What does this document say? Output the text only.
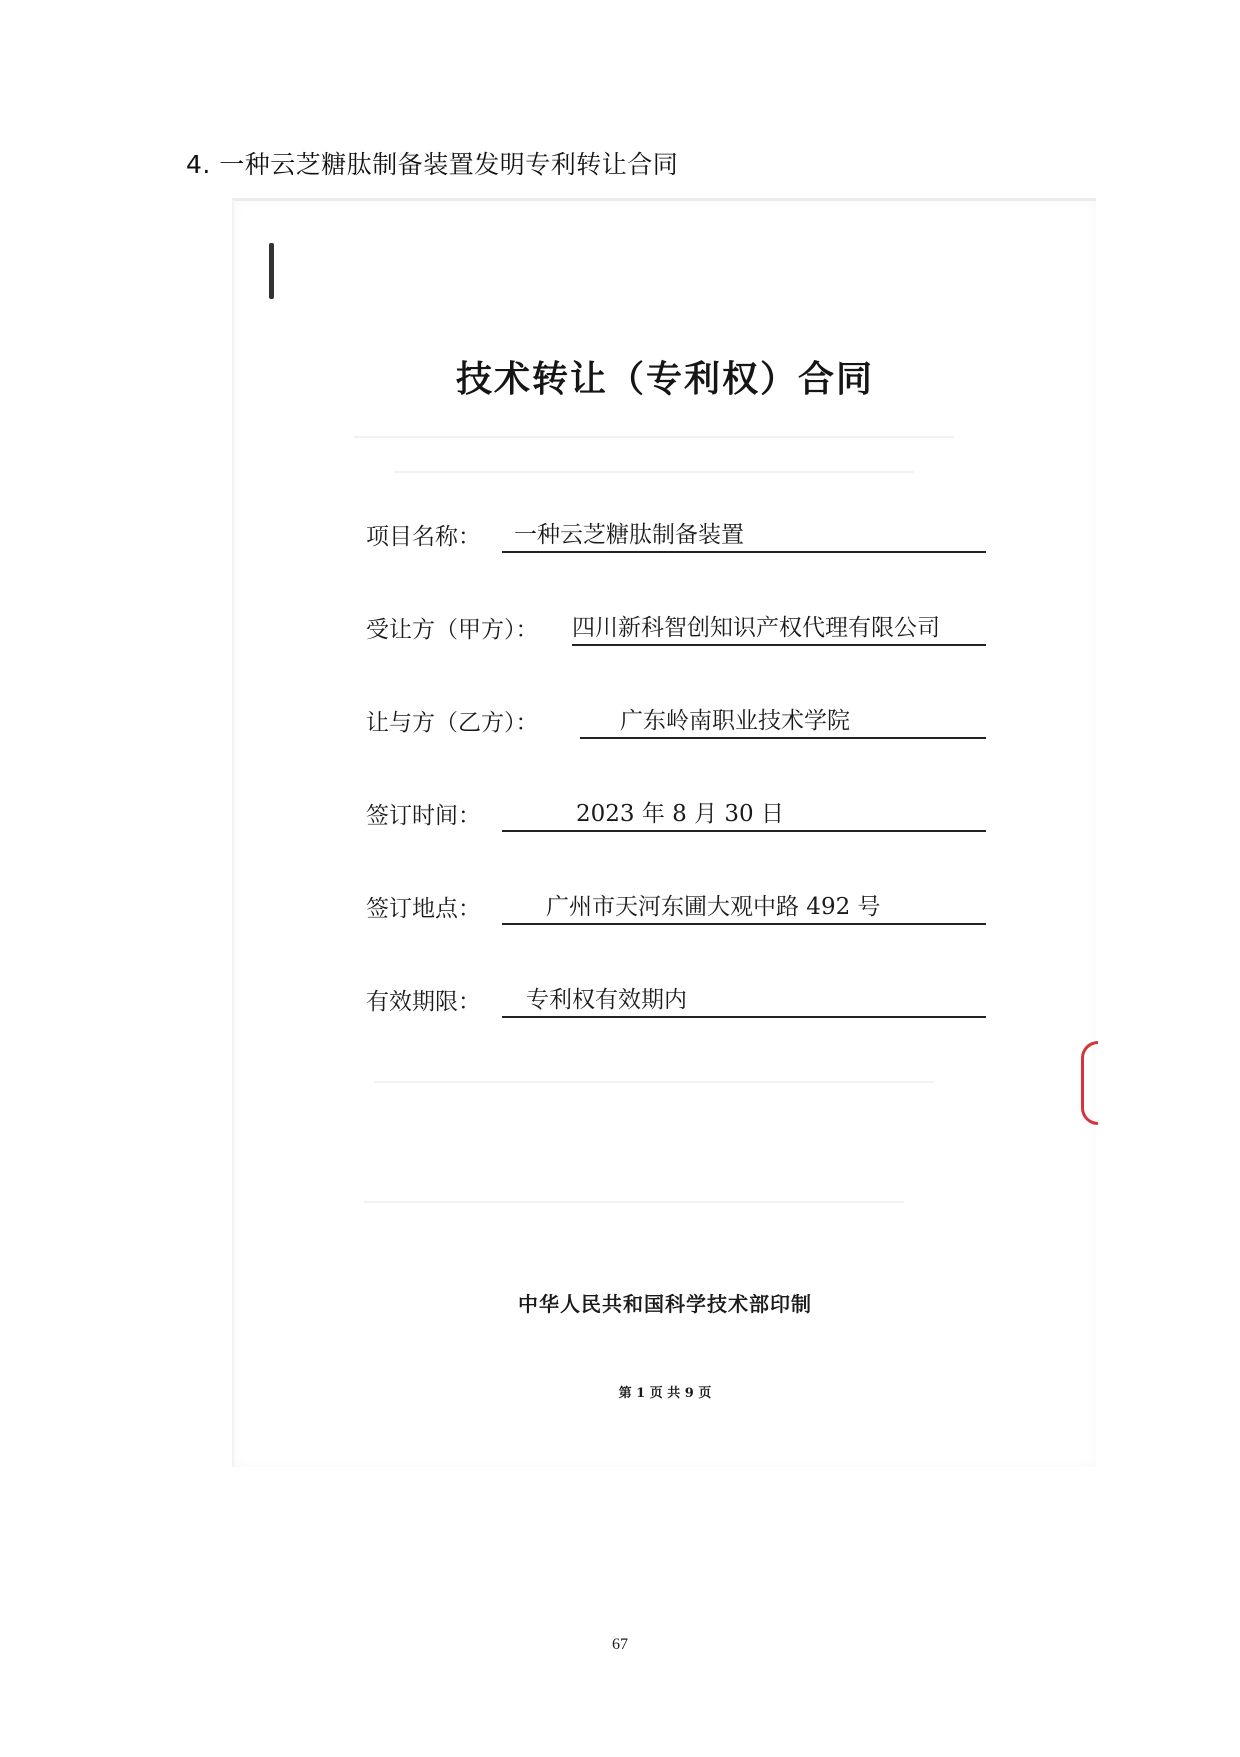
4. 一种云芝糖肽制备装置发明专利转让合同
技术转让（专利权）合同
项目名称： 一种云芝糖肽制备装置
受让方（甲方）： 四川新科智创知识产权代理有限公司
让与方（乙方）：	广东岭南职业技术学院
签订时间：	2023 年 8 月 30 日
签订地点：	广州市天河东圃大观中路 492 号
有效期限： 专利权有效期内
中华人民共和国科学技术部印制
第 1 页 共 9 页
67
